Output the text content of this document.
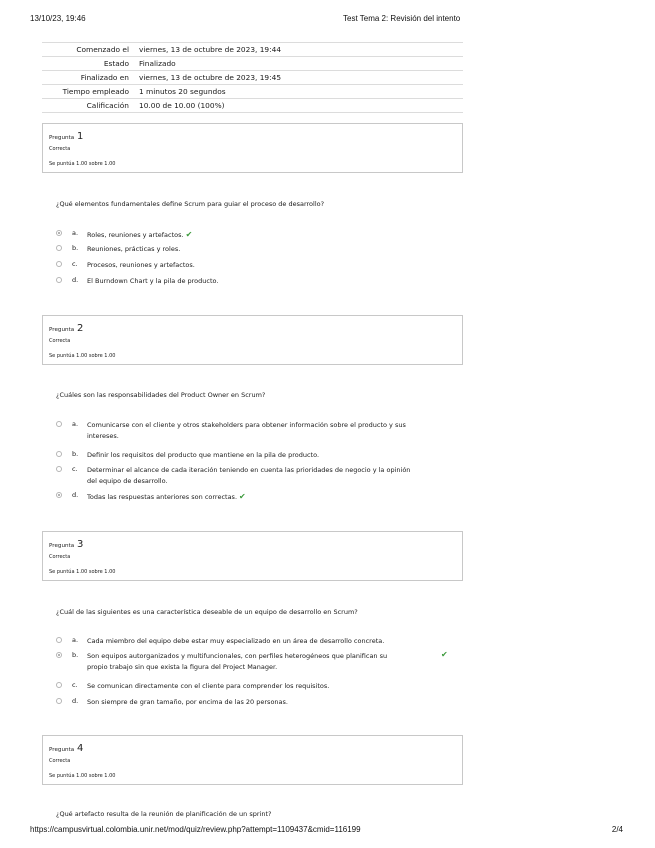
13/10/23, 19:46	Test Tema 2: Revisión del intento
Comenzado el	viernes, 13 de octubre de 2023, 19:44
Estado	Finalizado
Finalizado en	viernes, 13 de octubre de 2023, 19:45
Tiempo empleado	1 minutos 20 segundos
Calificación	10.00 de 10.00 (100%)
Pregunta 1
Correcta
Se puntúa 1.00 sobre 1.00
¿Qué elementos fundamentales define Scrum para guiar el proceso de desarrollo?
a. Roles, reuniones y artefactos. ✔
b. Reuniones, prácticas y roles.
c. Procesos, reuniones y artefactos.
d. El Burndown Chart y la pila de producto.
Pregunta 2
Correcta
Se puntúa 1.00 sobre 1.00
¿Cuáles son las responsabilidades del Product Owner en Scrum?
a. Comunicarse con el cliente y otros stakeholders para obtener información sobre el producto y sus
intereses.
b. Definir los requisitos del producto que mantiene en la pila de producto.
c. Determinar el alcance de cada iteración teniendo en cuenta las prioridades de negocio y la opinión
del equipo de desarrollo.
d. Todas las respuestas anteriores son correctas. ✔
Pregunta 3
Correcta
Se puntúa 1.00 sobre 1.00
¿Cuál de las siguientes es una característica deseable de un equipo de desarrollo en Scrum?
a. Cada miembro del equipo debe estar muy especializado en un área de desarrollo concreta.
b. Son equipos autorganizados y multifuncionales, con perfiles heterogéneos que planifican su
propio trabajo sin que exista la figura del Project Manager.
✔
c. Se comunican directamente con el cliente para comprender los requisitos.
d. Son siempre de gran tamaño, por encima de las 20 personas.
Pregunta 4
Correcta
Se puntúa 1.00 sobre 1.00
¿Qué artefacto resulta de la reunión de planificación de un sprint?
https://campusvirtual.colombia.unir.net/mod/quiz/review.php?attempt=1109437&cmid=116199	2/4
